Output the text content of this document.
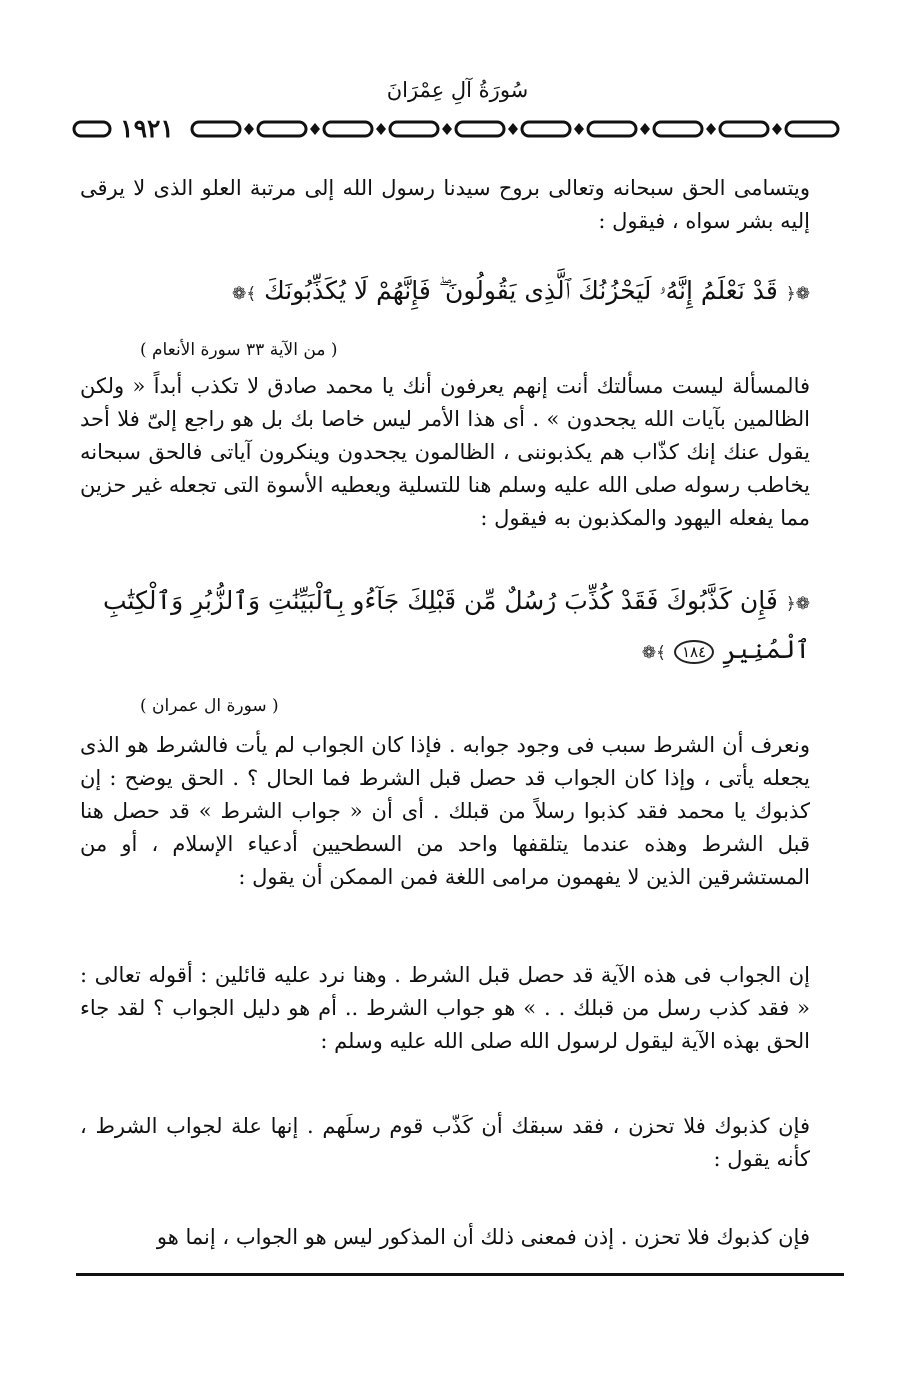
سُورَةُ آلِ عِمْرَانَ
١٩٢١
ويتسامى الحق سبحانه وتعالى بروح سيدنا رسول الله إلى مرتبة العلو الذى لا يرقى إليه بشر سواه ، فيقول :
❁﴿ قَدْ نَعْلَمُ إِنَّهُۥ لَيَحْزُنُكَ ٱلَّذِى يَقُولُونَ ۖ فَإِنَّهُمْ لَا يُكَذِّبُونَكَ ﴾❁
( من الآية ٣٣ سورة الأنعام )
فالمسألة ليست مسألتك أنت إنهم يعرفون أنك يا محمد صادق لا تكذب أبداً « ولكن الظالمين بآيات الله يجحدون » . أى هذا الأمر ليس خاصا بك بل هو راجع إلىّ فلا أحد يقول عنك إنك كذّاب هم يكذبوننى ، الظالمون يجحدون وينكرون آياتى فالحق سبحانه يخاطب رسوله صلى الله عليه وسلم هنا للتسلية ويعطيه الأسوة التى تجعله غير حزين مما يفعله اليهود والمكذبون به فيقول :
❁﴿ فَإِن كَذَّبُوكَ فَقَدْ كُذِّبَ رُسُلٌ مِّن قَبْلِكَ جَآءُو بِٱلْبَيِّنَٰتِ وَٱلزُّبُرِ وَٱلْكِتَٰبِ
ٱلْمُنِيرِ ١٨٤ ﴾❁
( سورة ال عمران )
ونعرف أن الشرط سبب فى وجود جوابه . فإذا كان الجواب لم يأت فالشرط هو الذى يجعله يأتى ، وإذا كان الجواب قد حصل قبل الشرط فما الحال ؟ . الحق يوضح : إن كذبوك يا محمد فقد كذبوا رسلاً من قبلك . أى أن « جواب الشرط » قد حصل هنا قبل الشرط وهذه عندما يتلقفها واحد من السطحيين أدعياء الإسلام ، أو من المستشرقين الذين لا يفهمون مرامى اللغة فمن الممكن أن يقول :
إن الجواب فى هذه الآية قد حصل قبل الشرط . وهنا نرد عليه قائلين : أقوله تعالى : « فقد كذب رسل من قبلك . . » هو جواب الشرط .. أم هو دليل الجواب ؟ لقد جاء الحق بهذه الآية ليقول لرسول الله صلى الله عليه وسلم :
فإن كذبوك فلا تحزن ، فقد سبقك أن كَذّب قوم رسلَهم . إنها علة لجواب الشرط ، كأنه يقول :
فإن كذبوك فلا تحزن . إذن فمعنى ذلك أن المذكور ليس هو الجواب ، إنما هو
